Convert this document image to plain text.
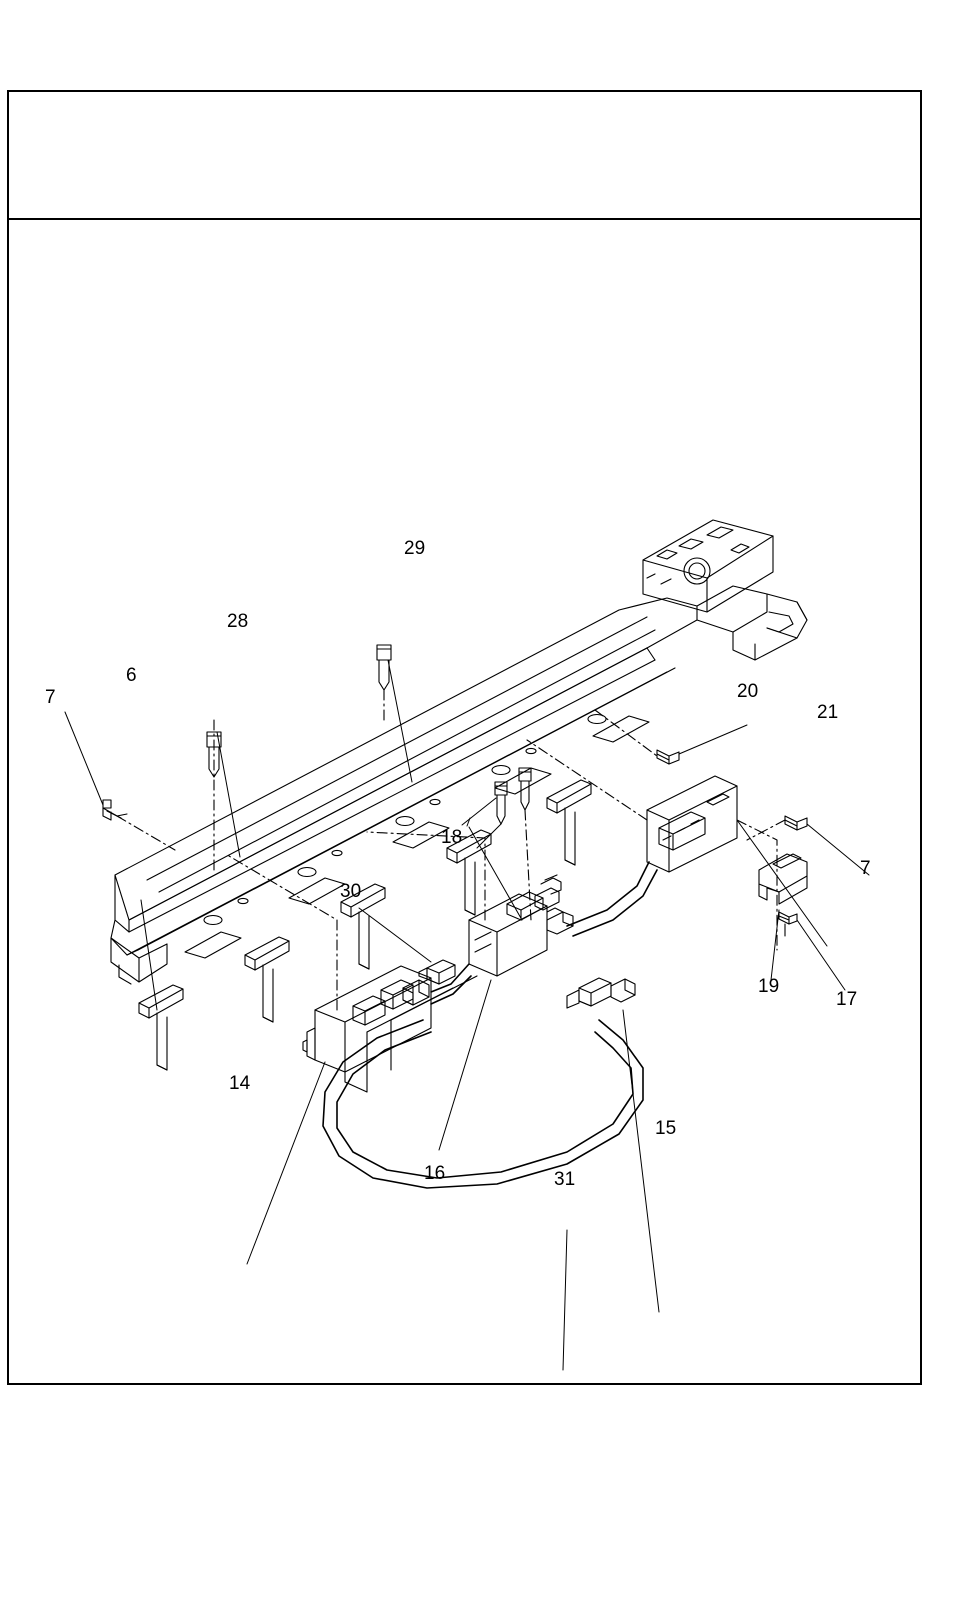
29
28
6
7	20
21
7
18
30
19
17
14
15
16	31
